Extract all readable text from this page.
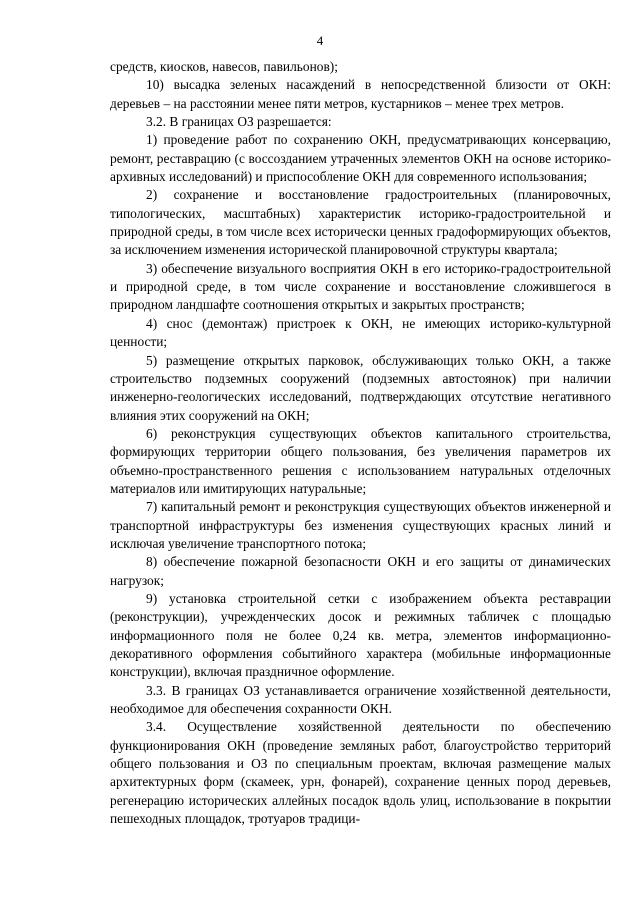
4

средств, киосков, навесов, павильонов);

10) высадка зеленых насаждений в непосредственной близости от ОКН: деревьев – на расстоянии менее пяти метров, кустарников – менее трех метров.

3.2. В границах ОЗ разрешается:

1) проведение работ по сохранению ОКН, предусматривающих консервацию, ремонт, реставрацию (с воссозданием утраченных элементов ОКН на основе историко-архивных исследований) и приспособление ОКН для современного использования;

2) сохранение и восстановление градостроительных (планировочных, типологических, масштабных) характеристик историко-градостроительной и природной среды, в том числе всех исторически ценных градоформирующих объектов, за исключением изменения исторической планировочной структуры квартала;

3) обеспечение визуального восприятия ОКН в его историко-градостроительной и природной среде, в том числе сохранение и восстановление сложившегося в природном ландшафте соотношения открытых и закрытых пространств;

4) снос (демонтаж) пристроек к ОКН, не имеющих историко-культурной ценности;

5) размещение открытых парковок, обслуживающих только ОКН, а также строительство подземных сооружений (подземных автостоянок) при наличии инженерно-геологических исследований, подтверждающих отсутствие негативного влияния этих сооружений на ОКН;

6) реконструкция существующих объектов капитального строительства, формирующих территории общего пользования, без увеличения параметров их объемно-пространственного решения с использованием натуральных отделочных материалов или имитирующих натуральные;

7) капитальный ремонт и реконструкция существующих объектов инженерной и транспортной инфраструктуры без изменения существующих красных линий и исключая увеличение транспортного потока;

8) обеспечение пожарной безопасности ОКН и его защиты от динамических нагрузок;

9) установка строительной сетки с изображением объекта реставрации (реконструкции), учрежденческих досок и режимных табличек с площадью информационного поля не более 0,24 кв. метра, элементов информационно-декоративного оформления событийного характера (мобильные информационные конструкции), включая праздничное оформление.

3.3. В границах ОЗ устанавливается ограничение хозяйственной деятельности, необходимое для обеспечения сохранности ОКН.

3.4. Осуществление хозяйственной деятельности по обеспечению функционирования ОКН (проведение земляных работ, благоустройство территорий общего пользования и ОЗ по специальным проектам, включая размещение малых архитектурных форм (скамеек, урн, фонарей), сохранение ценных пород деревьев, регенерацию исторических аллейных посадок вдоль улиц, использование в покрытии пешеходных площадок, тротуаров традици-
